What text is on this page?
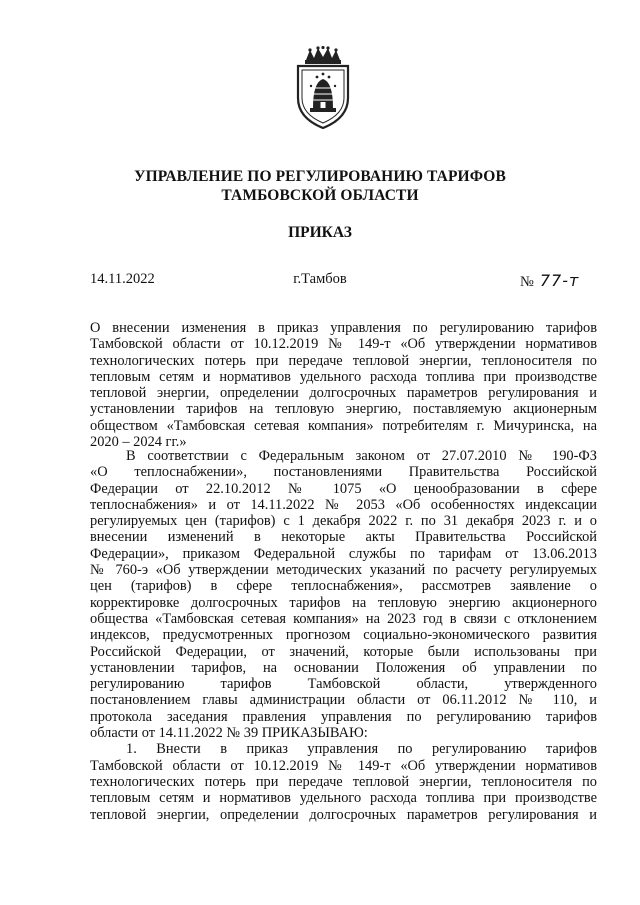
УПРАВЛЕНИЕ ПО РЕГУЛИРОВАНИЮ ТАРИФОВ
ТАМБОВСКОЙ ОБЛАСТИ
ПРИКАЗ
14.11.2022	г.Тамбов	№ 77-т
О внесении изменения в приказ управления по регулированию тарифов
Тамбовской области от 10.12.2019 № 149-т «Об утверждении нормативов
технологических потерь при передаче тепловой энергии, теплоносителя по
тепловым сетям и нормативов удельного расхода топлива при производстве
тепловой энергии, определении долгосрочных параметров регулирования и
установлении тарифов на тепловую энергию, поставляемую акционерным
обществом «Тамбовская сетевая компания» потребителям г. Мичуринска, на
2020 – 2024 гг.»
В соответствии с Федеральным законом от 27.07.2010 № 190-ФЗ
«О теплоснабжении», постановлениями Правительства Российской
Федерации от 22.10.2012 № 1075 «О ценообразовании в сфере
теплоснабжения» и от 14.11.2022 № 2053 «Об особенностях индексации
регулируемых цен (тарифов) с 1 декабря 2022 г. по 31 декабря 2023 г. и о
внесении изменений в некоторые акты Правительства Российской
Федерации», приказом Федеральной службы по тарифам от 13.06.2013
№ 760-э «Об утверждении методических указаний по расчету регулируемых
цен (тарифов) в сфере теплоснабжения», рассмотрев заявление о
корректировке долгосрочных тарифов на тепловую энергию акционерного
общества «Тамбовская сетевая компания» на 2023 год в связи с отклонением
индексов, предусмотренных прогнозом социально-экономического развития
Российской Федерации, от значений, которые были использованы при
установлении тарифов, на основании Положения об управлении по
регулированию тарифов Тамбовской области, утвержденного
постановлением главы администрации области от 06.11.2012 № 110, и
протокола заседания правления управления по регулированию тарифов
области от 14.11.2022 № 39 ПРИКАЗЫВАЮ:
1. Внести в приказ управления по регулированию тарифов
Тамбовской области от 10.12.2019 № 149-т «Об утверждении нормативов
технологических потерь при передаче тепловой энергии, теплоносителя по
тепловым сетям и нормативов удельного расхода топлива при производстве
тепловой энергии, определении долгосрочных параметров регулирования и
